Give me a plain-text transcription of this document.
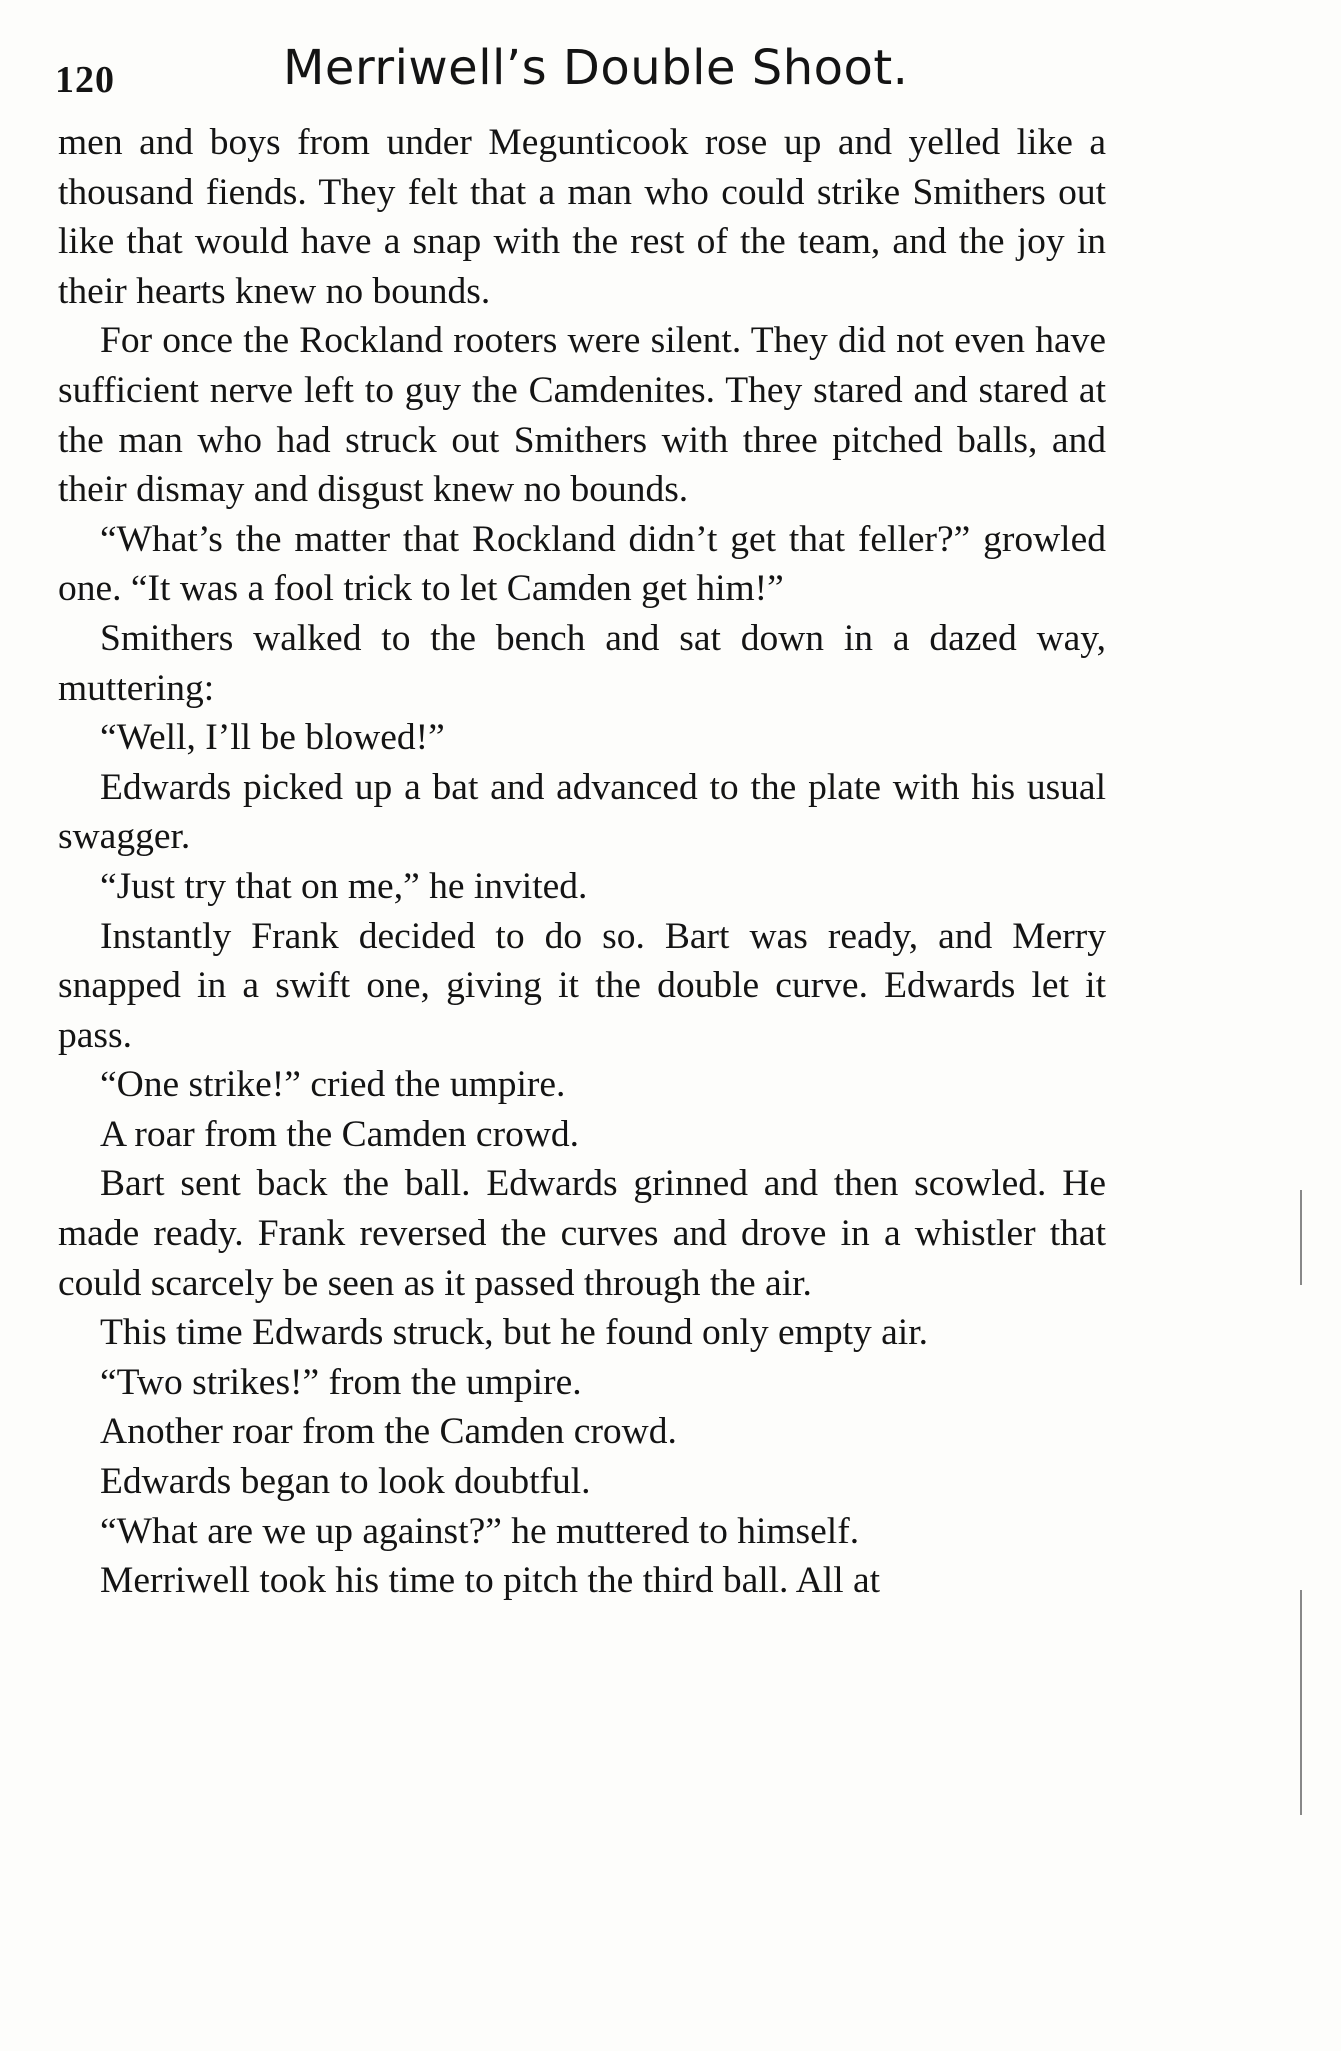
120	Merriwell’s Double Shoot.

men and boys from under Megunticook rose up and yelled like a thousand fiends. They felt that a man who could strike Smithers out like that would have a snap with the rest of the team, and the joy in their hearts knew no bounds.

For once the Rockland rooters were silent. They did not even have sufficient nerve left to guy the Camdenites. They stared and stared at the man who had struck out Smithers with three pitched balls, and their dismay and disgust knew no bounds.

“What’s the matter that Rockland didn’t get that feller?” growled one. “It was a fool trick to let Camden get him!”

Smithers walked to the bench and sat down in a dazed way, muttering:

“Well, I’ll be blowed!”

Edwards picked up a bat and advanced to the plate with his usual swagger.

“Just try that on me,” he invited.

Instantly Frank decided to do so. Bart was ready, and Merry snapped in a swift one, giving it the double curve. Edwards let it pass.

“One strike!” cried the umpire.

A roar from the Camden crowd.

Bart sent back the ball. Edwards grinned and then scowled. He made ready. Frank reversed the curves and drove in a whistler that could scarcely be seen as it passed through the air.

This time Edwards struck, but he found only empty air.

“Two strikes!” from the umpire.

Another roar from the Camden crowd.

Edwards began to look doubtful.

“What are we up against?” he muttered to himself.

Merriwell took his time to pitch the third ball. All at
